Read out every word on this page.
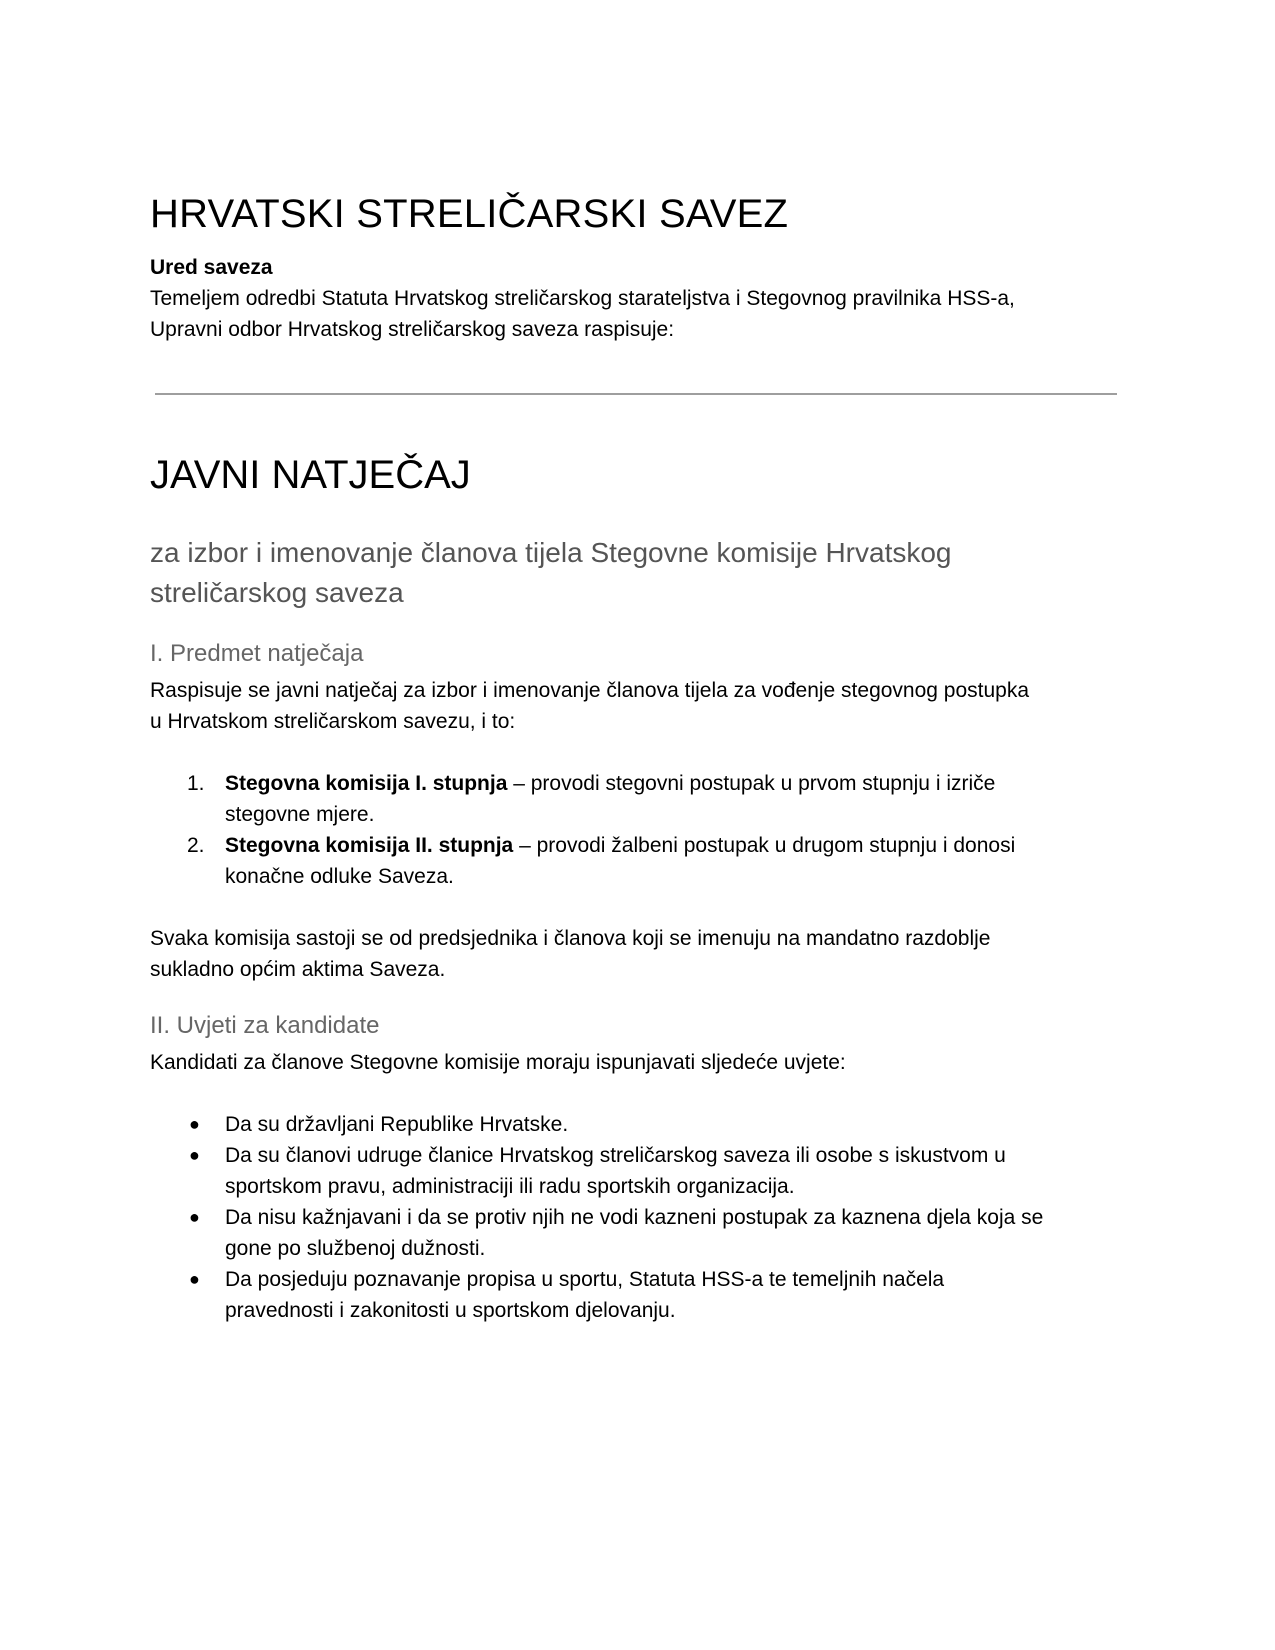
HRVATSKI STRELIČARSKI SAVEZ

Ured saveza

Temeljem odredbi Statuta Hrvatskog streličarskog starateljstva i Stegovnog pravilnika HSS-a,
Upravni odbor Hrvatskog streličarskog saveza raspisuje:

JAVNI NATJEČAJ

za izbor i imenovanje članova tijela Stegovne komisije Hrvatskog
streličarskog saveza

I. Predmet natječaja

Raspisuje se javni natječaj za izbor i imenovanje članova tijela za vođenje stegovnog postupka
u Hrvatskom streličarskom savezu, i to:

1. Stegovna komisija I. stupnja – provodi stegovni postupak u prvom stupnju i izriče
stegovne mjere.
2. Stegovna komisija II. stupnja – provodi žalbeni postupak u drugom stupnju i donosi
konačne odluke Saveza.

Svaka komisija sastoji se od predsjednika i članova koji se imenuju na mandatno razdoblje
sukladno općim aktima Saveza.

II. Uvjeti za kandidate

Kandidati za članove Stegovne komisije moraju ispunjavati sljedeće uvjete:

● Da su državljani Republike Hrvatske.
● Da su članovi udruge članice Hrvatskog streličarskog saveza ili osobe s iskustvom u
sportskom pravu, administraciji ili radu sportskih organizacija.
● Da nisu kažnjavani i da se protiv njih ne vodi kazneni postupak za kaznena djela koja se
gone po službenoj dužnosti.
● Da posjeduju poznavanje propisa u sportu, Statuta HSS-a te temeljnih načela
pravednosti i zakonitosti u sportskom djelovanju.
